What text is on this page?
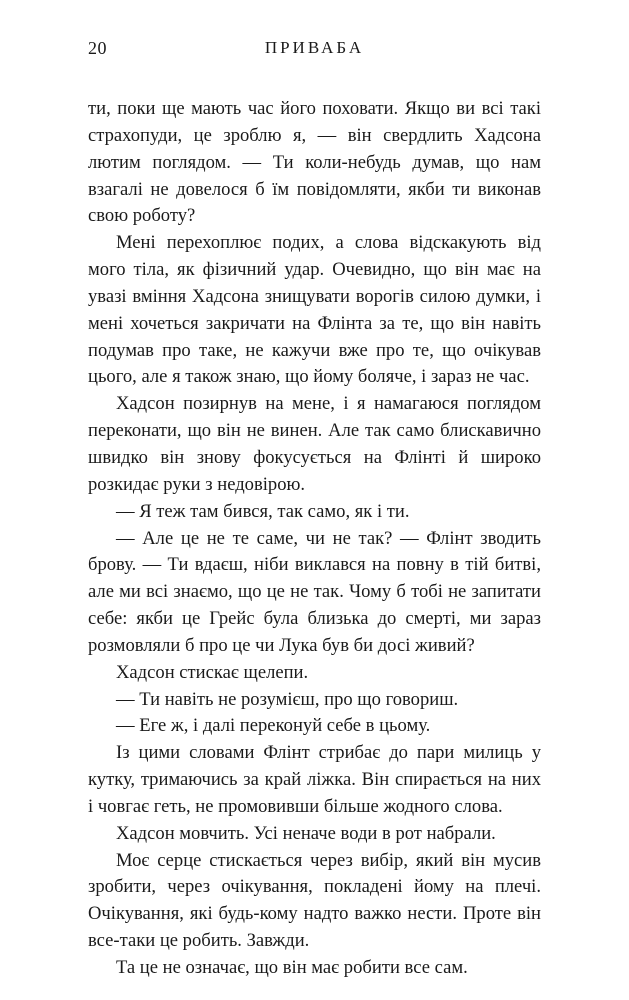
20	ПРИВАБА

ти, поки ще мають час його поховати. Якщо ви всі такі страхопуди, це зроблю я, — він свердлить Хадсона лютим поглядом. — Ти коли-небудь думав, що нам взагалі не довелося б їм повідомляти, якби ти виконав свою роботу?

Мені перехоплює подих, а слова відскакують від мого тіла, як фізичний удар. Очевидно, що він має на увазі вміння Хадсона знищувати ворогів силою думки, і мені хочеться закричати на Флінта за те, що він навіть подумав про таке, не кажучи вже про те, що очікував цього, але я також знаю, що йому боляче, і зараз не час.

Хадсон позирнув на мене, і я намагаюся поглядом переконати, що він не винен. Але так само блискавично швидко він знову фокусується на Флінті й широко розкидає руки з недовірою.

— Я теж там бився, так само, як і ти.

— Але це не те саме, чи не так? — Флінт зводить брову. — Ти вдаєш, ніби виклався на повну в тій битві, але ми всі знаємо, що це не так. Чому б тобі не запитати себе: якби це Грейс була близька до смерті, ми зараз розмовляли б про це чи Лука був би досі живий?

Хадсон стискає щелепи.

— Ти навіть не розумієш, про що говориш.

— Еге ж, і далі переконуй себе в цьому.

Із цими словами Флінт стрибає до пари милиць у кутку, тримаючись за край ліжка. Він спирається на них і човгає геть, не промовивши більше жодного слова.

Хадсон мовчить. Усі неначе води в рот набрали.

Моє серце стискається через вибір, який він мусив зробити, через очікування, покладені йому на плечі. Очікування, які будь-кому надто важко нести. Проте він все-таки це робить. Завжди.

Та це не означає, що він має робити все сам.
